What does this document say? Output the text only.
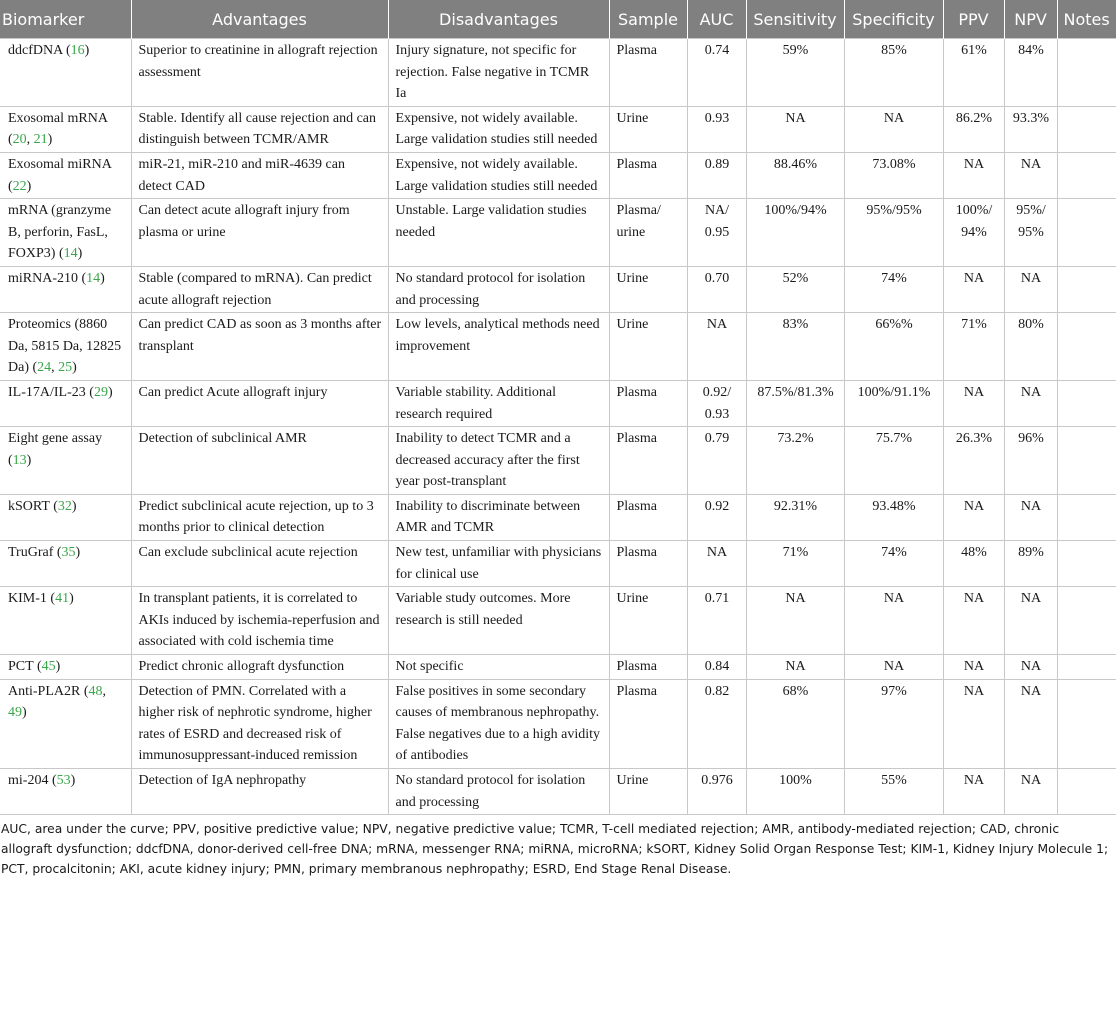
Biomarker	Advantages	Disadvantages	Sample	AUC	Sensitivity	Specificity	PPV	NPV	Notes
ddcfDNA (16)	Superior to creatinine in allograft rejection assessment	Injury signature, not specific for rejection. False negative in TCMR Ia	Plasma	0.74	59%	85%	61%	84%	
Exosomal mRNA (20, 21)	Stable. Identify all cause rejection and can distinguish between TCMR/AMR	Expensive, not widely available. Large validation studies still needed	Urine	0.93	NA	NA	86.2%	93.3%	
Exosomal miRNA (22)	miR-21, miR-210 and miR-4639 can detect CAD	Expensive, not widely available. Large validation studies still needed	Plasma	0.89	88.46%	73.08%	NA	NA	
mRNA (granzyme B, perforin, FasL, FOXP3) (14)	Can detect acute allograft injury from plasma or urine	Unstable. Large validation studies needed	Plasma/ urine	NA/ 0.95	100%/94%	95%/95%	100%/ 94%	95%/ 95%	
miRNA-210 (14)	Stable (compared to mRNA). Can predict acute allograft rejection	No standard protocol for isolation and processing	Urine	0.70	52%	74%	NA	NA	
Proteomics (8860 Da, 5815 Da, 12825 Da) (24, 25)	Can predict CAD as soon as 3 months after transplant	Low levels, analytical methods need improvement	Urine	NA	83%	66%%	71%	80%	
IL-17A/IL-23 (29)	Can predict Acute allograft injury	Variable stability. Additional research required	Plasma	0.92/ 0.93	87.5%/81.3%	100%/91.1%	NA	NA	
Eight gene assay (13)	Detection of subclinical AMR	Inability to detect TCMR and a decreased accuracy after the first year post-transplant	Plasma	0.79	73.2%	75.7%	26.3%	96%	
kSORT (32)	Predict subclinical acute rejection, up to 3 months prior to clinical detection	Inability to discriminate between AMR and TCMR	Plasma	0.92	92.31%	93.48%	NA	NA	
TruGraf (35)	Can exclude subclinical acute rejection	New test, unfamiliar with physicians for clinical use	Plasma	NA	71%	74%	48%	89%	
KIM-1 (41)	In transplant patients, it is correlated to AKIs induced by ischemia-reperfusion and associated with cold ischemia time	Variable study outcomes. More research is still needed	Urine	0.71	NA	NA	NA	NA	
PCT (45)	Predict chronic allograft dysfunction	Not specific	Plasma	0.84	NA	NA	NA	NA	
Anti-PLA2R (48, 49)	Detection of PMN. Correlated with a higher risk of nephrotic syndrome, higher rates of ESRD and decreased risk of immunosuppressant-induced remission	False positives in some secondary causes of membranous nephropathy. False negatives due to a high avidity of antibodies	Plasma	0.82	68%	97%	NA	NA	
mi-204 (53)	Detection of IgA nephropathy	No standard protocol for isolation and processing	Urine	0.976	100%	55%	NA	NA	

AUC, area under the curve; PPV, positive predictive value; NPV, negative predictive value; TCMR, T-cell mediated rejection; AMR, antibody-mediated rejection; CAD, chronic allograft dysfunction; ddcfDNA, donor-derived cell-free DNA; mRNA, messenger RNA; miRNA, microRNA; kSORT, Kidney Solid Organ Response Test; KIM-1, Kidney Injury Molecule 1; PCT, procalcitonin; AKI, acute kidney injury; PMN, primary membranous nephropathy; ESRD, End Stage Renal Disease.
